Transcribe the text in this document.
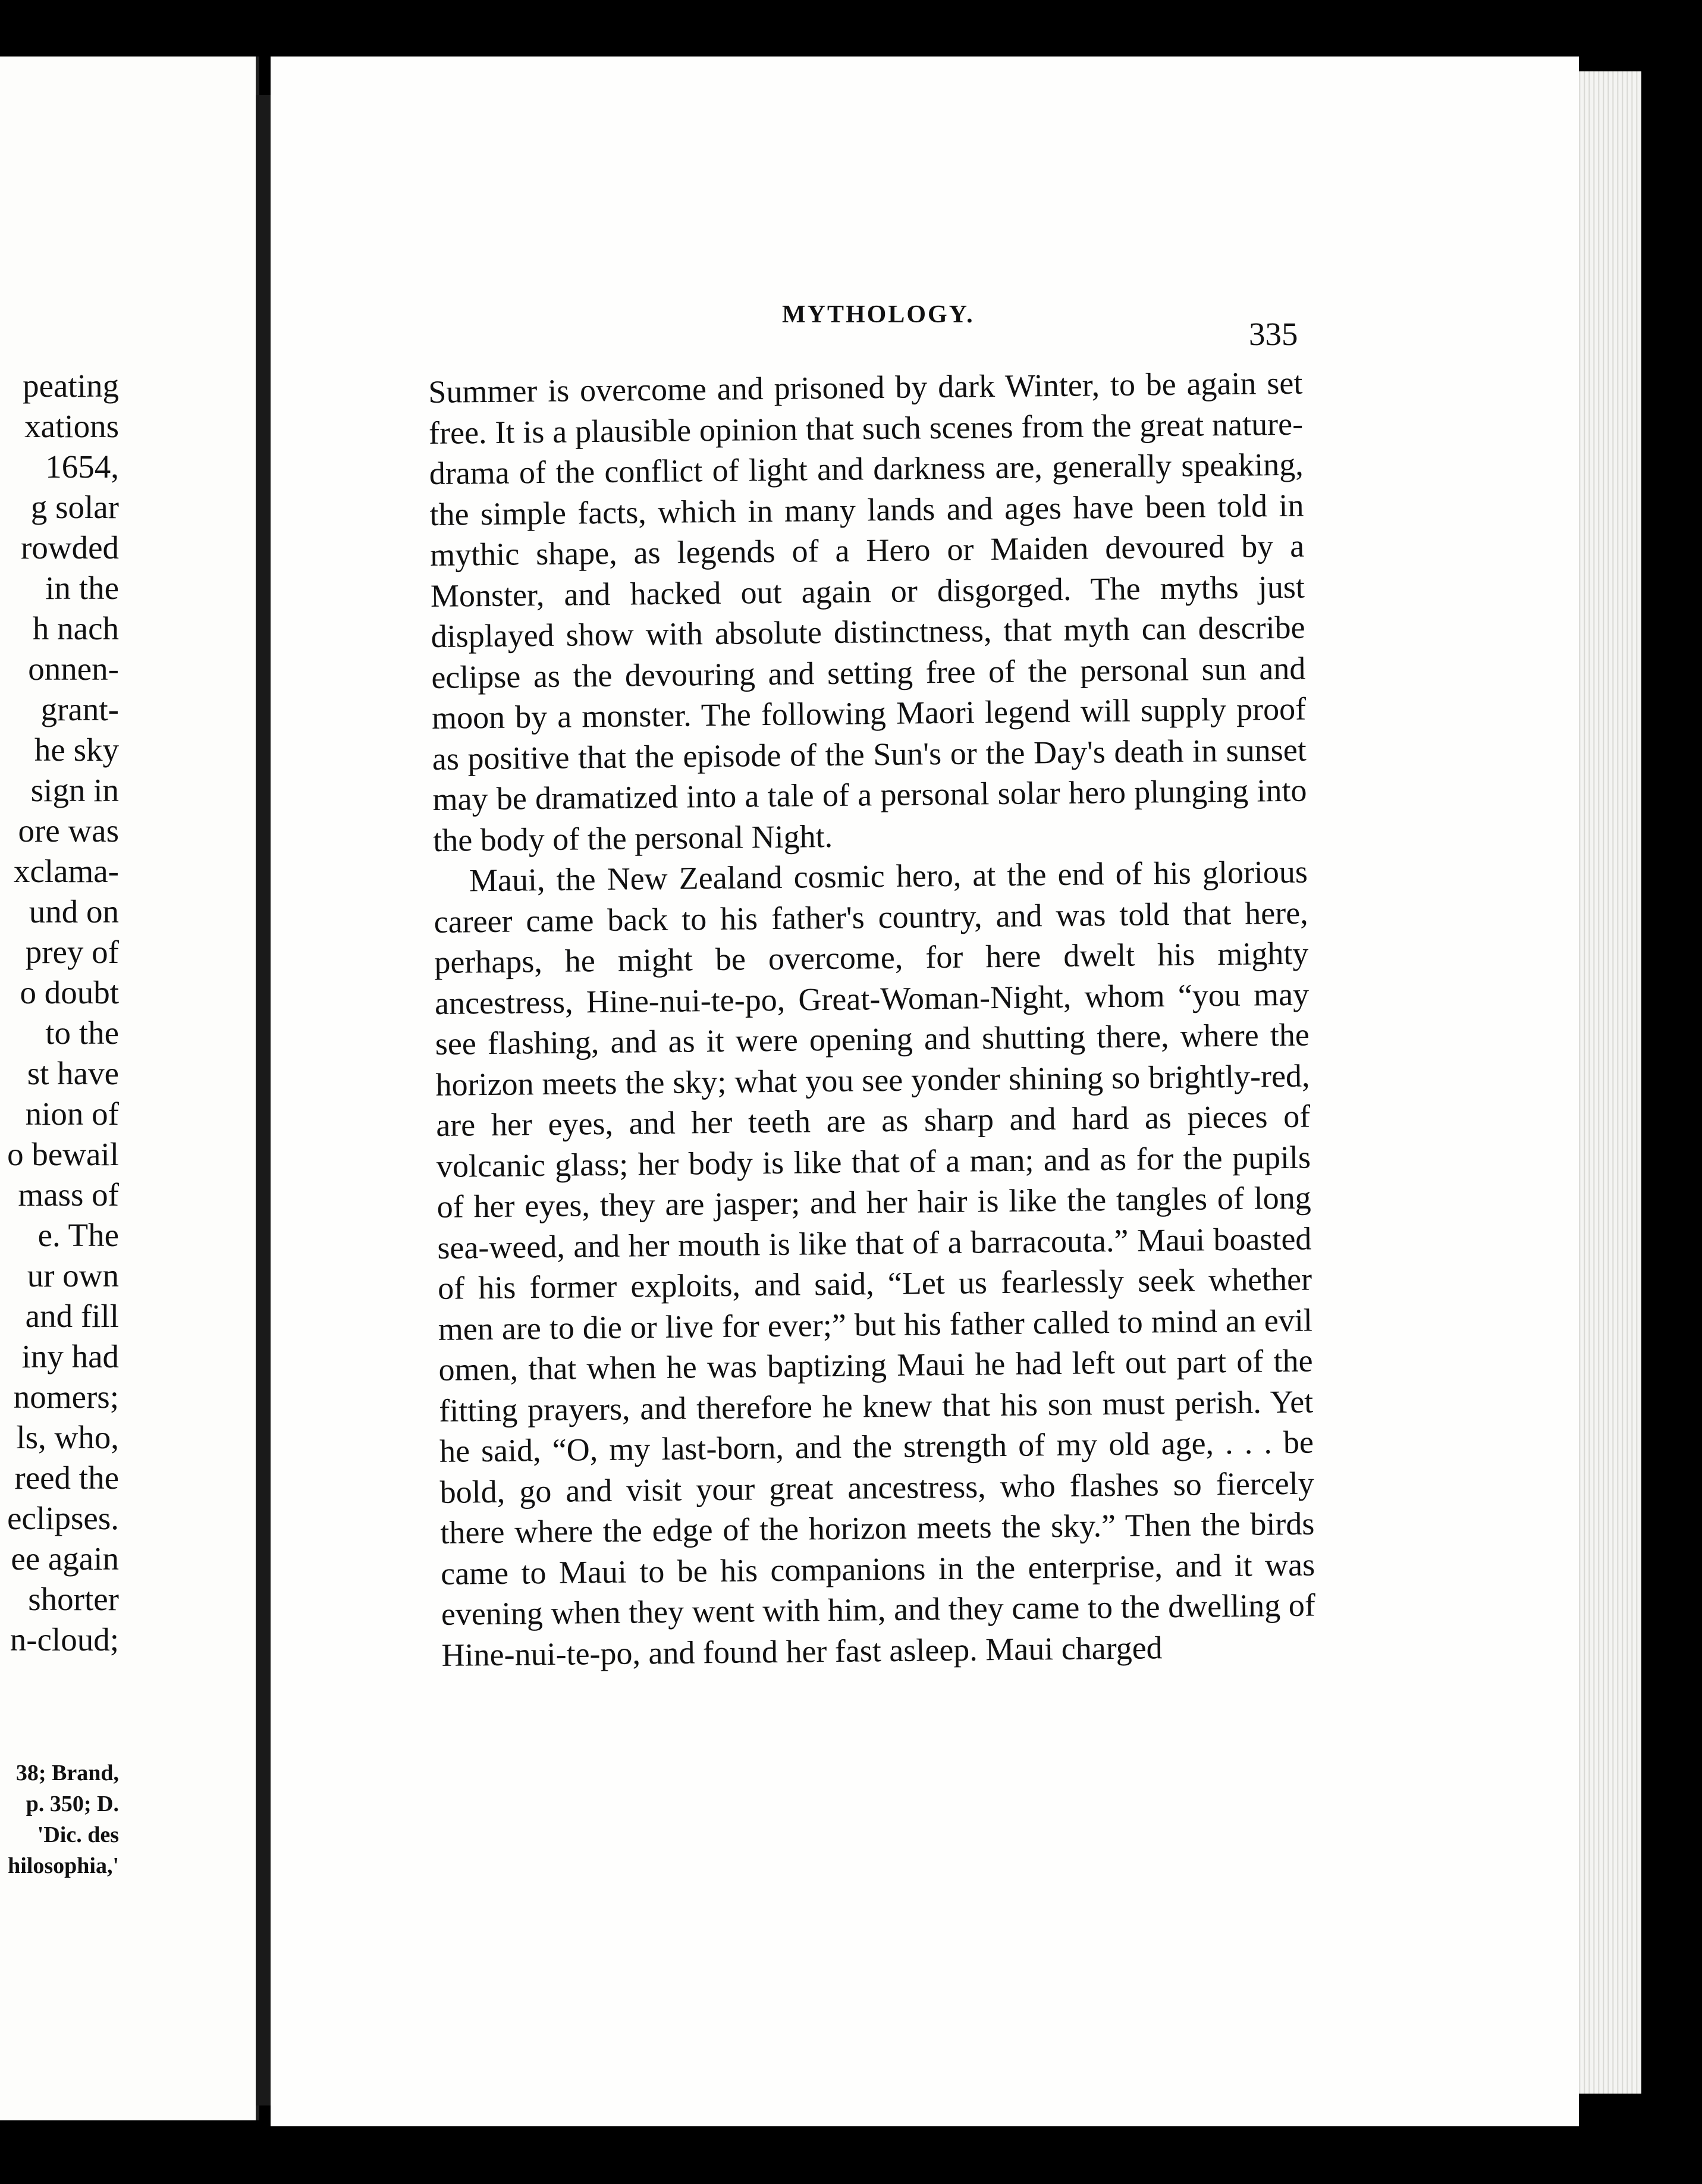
peating
xations
1654,
g solar
rowded
in the
h nach
onnen-
grant-
he sky
sign in
ore was
xclama-
und on
prey of
o doubt
to the
st have
nion of
o bewail
mass of
e. The
ur own
and fill
iny had
nomers;
ls, who,
reed the
eclipses.
ee again
shorter
n-cloud;
38; Brand,
p. 350; D.
'Dic. des
hilosophia,'
MYTHOLOGY.
335

Summer is overcome and prisoned by dark Winter, to be again set free. It is a plausible opinion that such scenes from the great nature-drama of the conflict of light and darkness are, generally speaking, the simple facts, which in many lands and ages have been told in mythic shape, as legends of a Hero or Maiden devoured by a Monster, and hacked out again or disgorged. The myths just displayed show with absolute distinctness, that myth can describe eclipse as the devouring and setting free of the personal sun and moon by a monster. The following Maori legend will supply proof as positive that the episode of the Sun's or the Day's death in sunset may be dramatized into a tale of a personal solar hero plunging into the body of the personal Night.

Maui, the New Zealand cosmic hero, at the end of his glorious career came back to his father's country, and was told that here, perhaps, he might be overcome, for here dwelt his mighty ancestress, Hine-nui-te-po, Great-Woman-Night, whom “you may see flashing, and as it were opening and shutting there, where the horizon meets the sky; what you see yonder shining so brightly-red, are her eyes, and her teeth are as sharp and hard as pieces of volcanic glass; her body is like that of a man; and as for the pupils of her eyes, they are jasper; and her hair is like the tangles of long sea-weed, and her mouth is like that of a barracouta.” Maui boasted of his former exploits, and said, “Let us fearlessly seek whether men are to die or live for ever;” but his father called to mind an evil omen, that when he was baptizing Maui he had left out part of the fitting prayers, and therefore he knew that his son must perish. Yet he said, “O, my last-born, and the strength of my old age, . . . be bold, go and visit your great ancestress, who flashes so fiercely there where the edge of the horizon meets the sky.” Then the birds came to Maui to be his companions in the enterprise, and it was evening when they went with him, and they came to the dwelling of Hine-nui-te-po, and found her fast asleep. Maui charged
